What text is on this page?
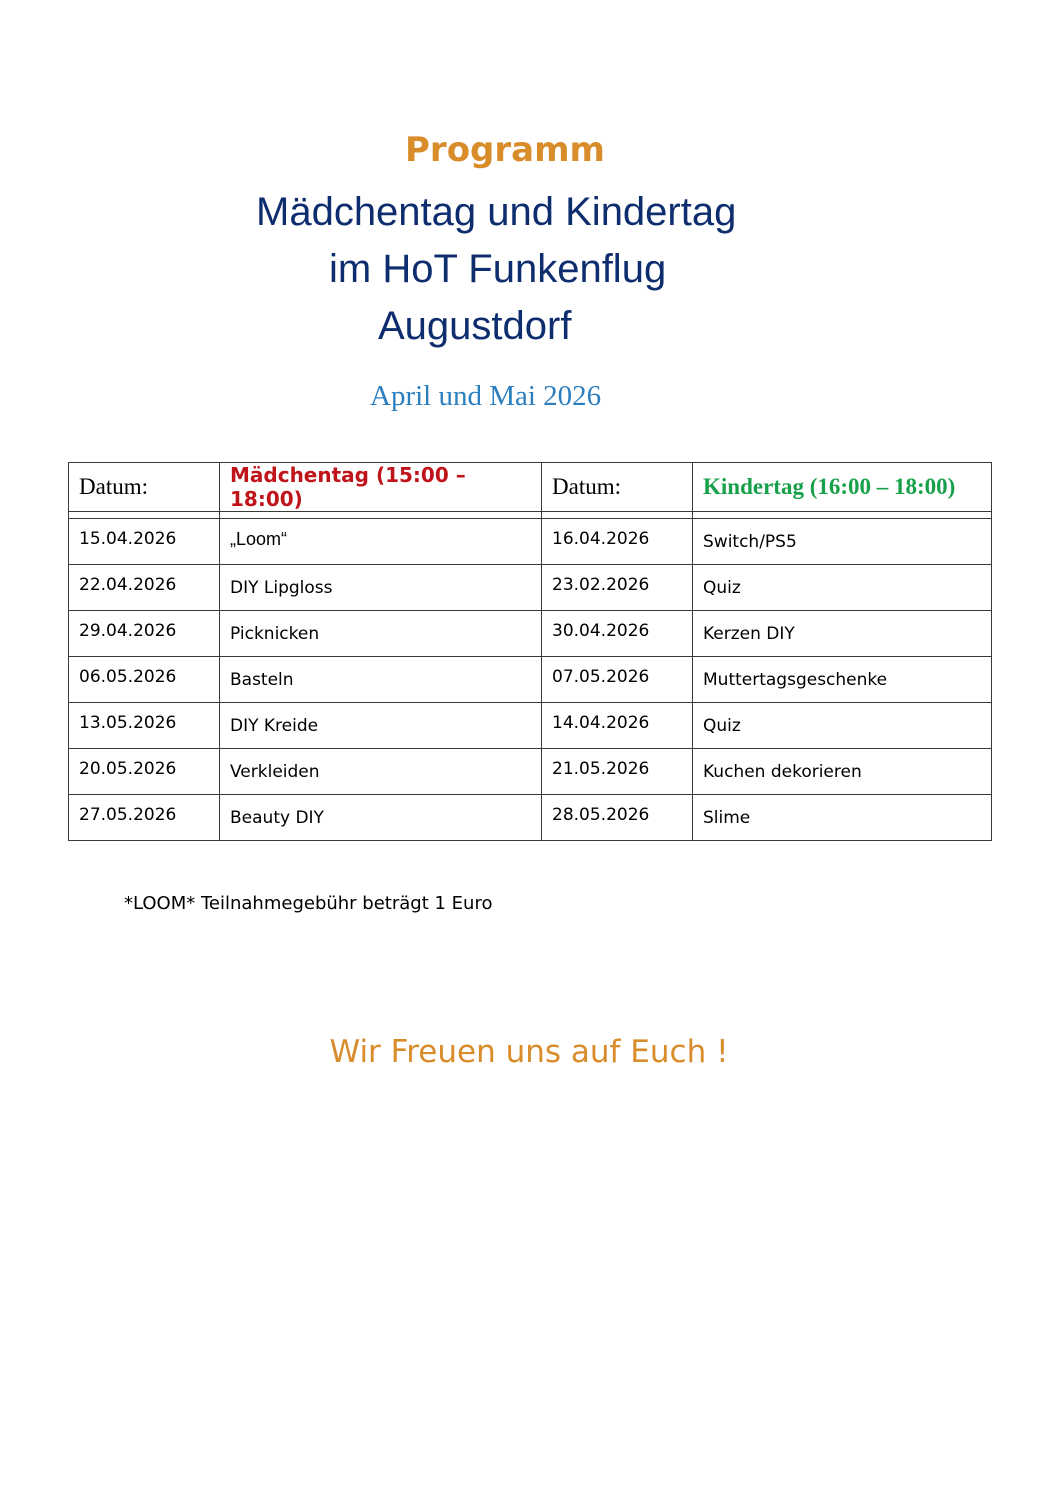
Programm
Mädchentag und Kindertag
im HoT Funkenflug
Augustdorf
April und Mai 2026
Datum:	Mädchentag (15:00 – 18:00)	Datum:	Kindertag (16:00 – 18:00)

15.04.2026	„Loom“	16.04.2026	Switch/PS5
22.04.2026	DIY Lipgloss	23.02.2026	Quiz
29.04.2026	Picknicken	30.04.2026	Kerzen DIY
06.05.2026	Basteln	07.05.2026	Muttertagsgeschenke
13.05.2026	DIY Kreide	14.04.2026	Quiz
20.05.2026	Verkleiden	21.05.2026	Kuchen dekorieren
27.05.2026	Beauty DIY	28.05.2026	Slime
*LOOM* Teilnahmegebühr beträgt 1 Euro
Wir Freuen uns auf Euch !
